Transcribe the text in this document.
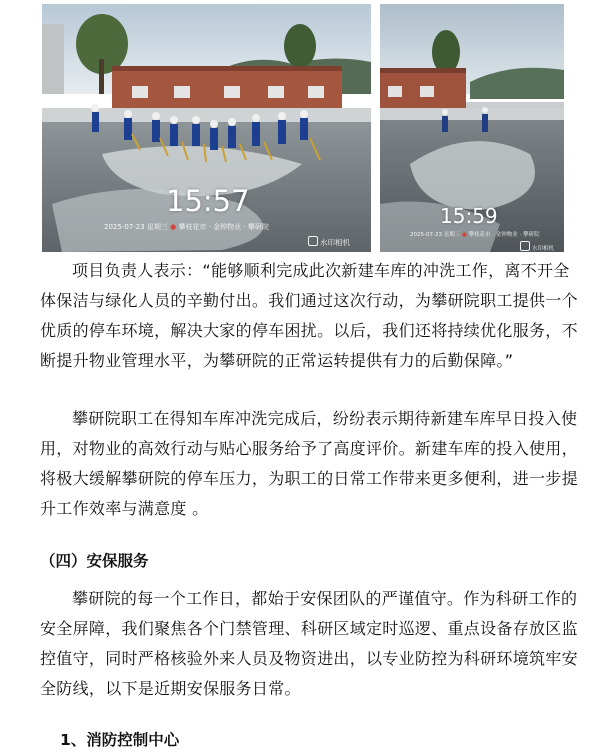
15:57
2025-07-23 星期三 ● 攀枝花市 · 金钟物业 · 攀研院
水印相机
15:59
2025-07-23 星期三 ● 攀枝花市 · 金钟物业 · 攀研院
水印相机

项目负责人表示：“能够顺利完成此次新建车库的冲洗工作，离不开全体保洁与绿化人员的辛勤付出。我们通过这次行动，为攀研院职工提供一个优质的停车环境，解决大家的停车困扰。以后，我们还将持续优化服务，不断提升物业管理水平，为攀研院的正常运转提供有力的后勤保障。”

攀研院职工在得知车库冲洗完成后，纷纷表示期待新建车库早日投入使用，对物业的高效行动与贴心服务给予了高度评价。新建车库的投入使用，将极大缓解攀研院的停车压力，为职工的日常工作带来更多便利，进一步提升工作效率与满意度 。

（四）安保服务

攀研院的每一个工作日，都始于安保团队的严谨值守。作为科研工作的安全屏障，我们聚焦各个门禁管理、科研区域定时巡逻、重点设备存放区监控值守，同时严格核验外来人员及物资进出，以专业防控为科研环境筑牢安全防线，以下是近期安保服务日常。

1、消防控制中心
